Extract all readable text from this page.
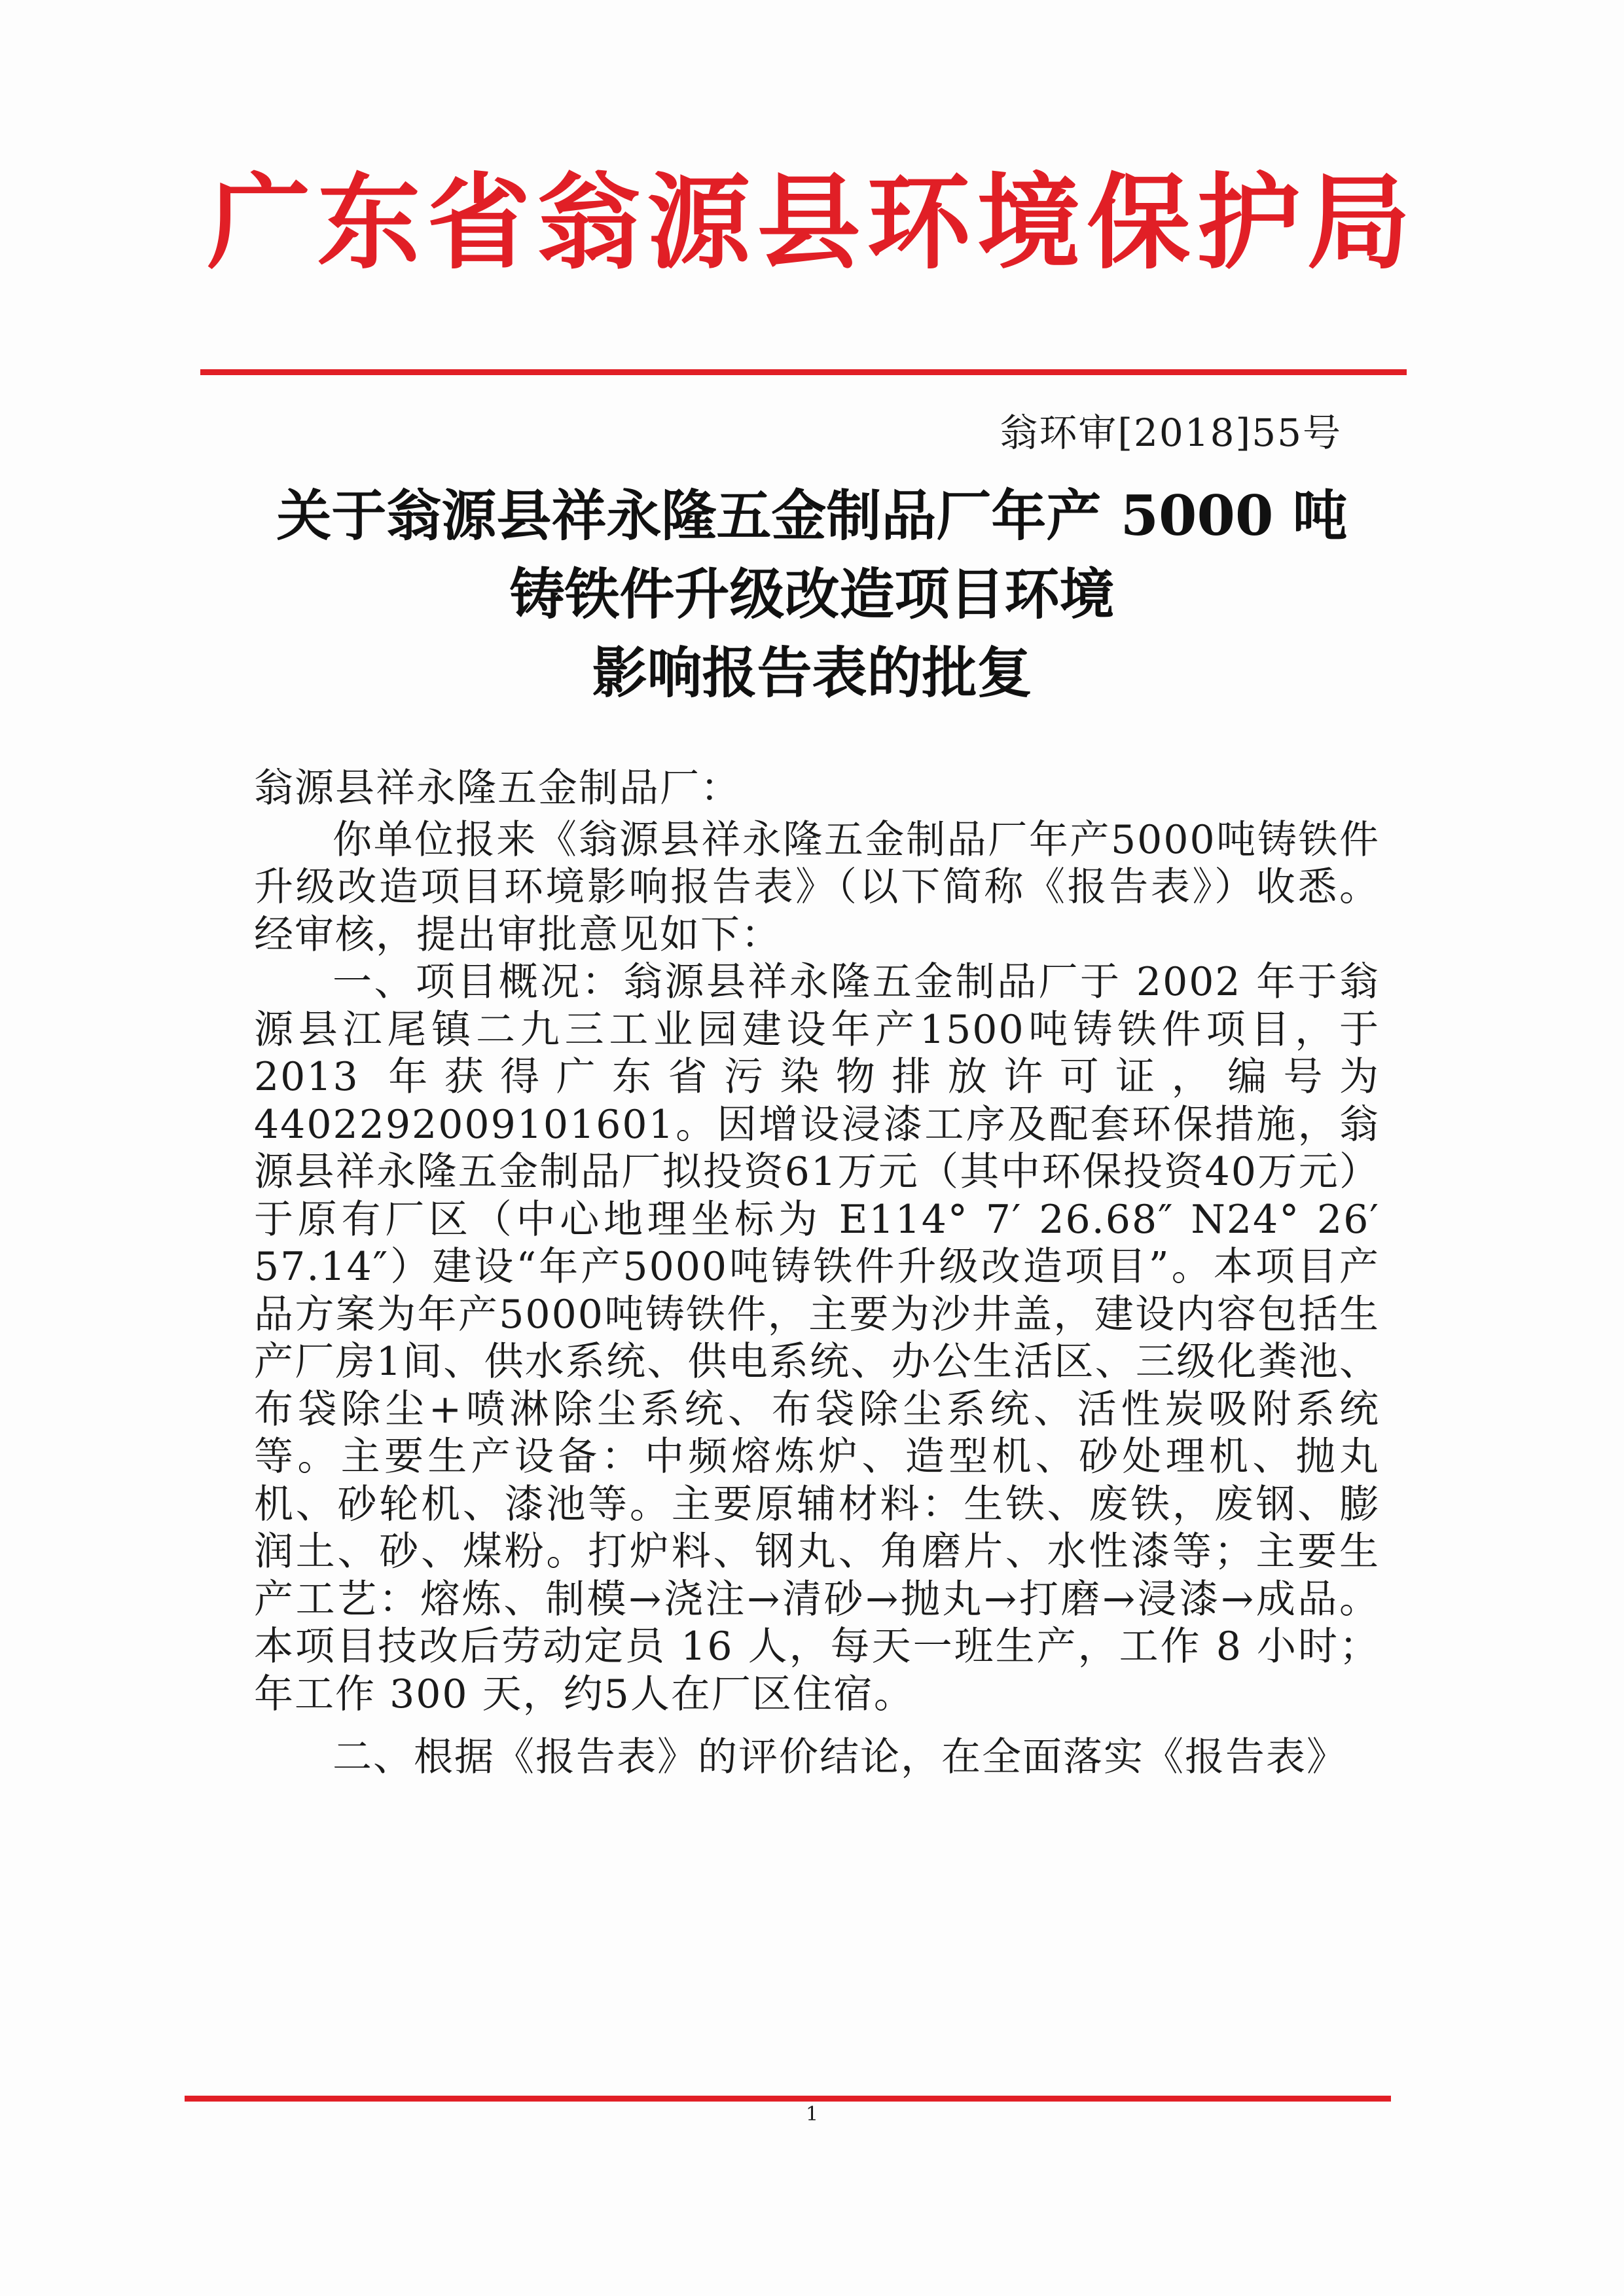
广东省翁源县环境保护局
翁环审[2018]55号
关于翁源县祥永隆五金制品厂年产 5000 吨
铸铁件升级改造项目环境
影响报告表的批复

翁源县祥永隆五金制品厂：

你单位报来《翁源县祥永隆五金制品厂年产5000吨铸铁件升级改造项目环境影响报告表》（以下简称《报告表》）收悉。经审核，提出审批意见如下：

一、项目概况：翁源县祥永隆五金制品厂于 2002 年于翁源县江尾镇二九三工业园建设年产1500吨铸铁件项目，于 2013 年获得广东省污染物排放许可证，编号为4402292009101601。因增设浸漆工序及配套环保措施，翁源县祥永隆五金制品厂拟投资61万元（其中环保投资40万元）于原有厂区（中心地理坐标为 E114° 7′ 26.68″ N24° 26′ 57.14″）建设“年产5000吨铸铁件升级改造项目”。本项目产品方案为年产5000吨铸铁件，主要为沙井盖，建设内容包括生产厂房1间、供水系统、供电系统、办公生活区、三级化粪池、布袋除尘+喷淋除尘系统、布袋除尘系统、活性炭吸附系统等。主要生产设备：中频熔炼炉、造型机、砂处理机、抛丸机、砂轮机、漆池等。主要原辅材料：生铁、废铁，废钢、膨润土、砂、煤粉。打炉料、钢丸、角磨片、水性漆等；主要生产工艺：熔炼、制模→浇注→清砂→抛丸→打磨→浸漆→成品。本项目技改后劳动定员 16 人，每天一班生产，工作 8 小时；年工作 300 天，约5人在厂区住宿。

二、根据《报告表》的评价结论，在全面落实《报告表》

1
